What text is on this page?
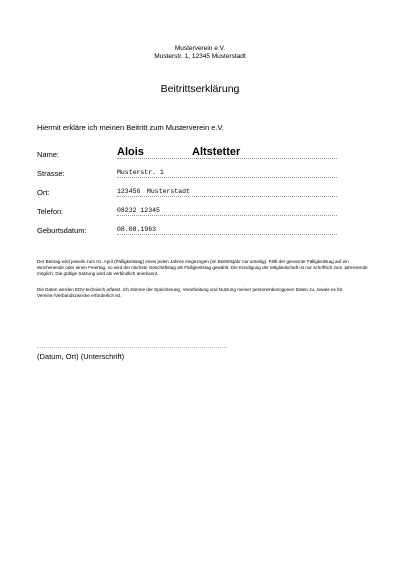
Musterverein e.V.
Musterstr. 1, 12345 Musterstadt
Beitrittserklärung
Hiermit erkläre ich meinen Beitritt zum Musterverein e.V.
Name:	Alois	Altstetter
Strasse:	Musterstr. 1
Ort:	123456 Musterstadt
Telefon:	08232 12345
Geburtsdatum:	08.08.1963
Der Beitrag wird jeweils zum 01. April (Fälligkeitstag) eines jeden Jahres eingezogen (im Beitrittsjahr nur anteilig). Fällt der genannte Fälligkeitstag auf ein Wochenende oder einen Feiertag, so wird der nächste Geschäftstag als Fälligkeitstag gewählt. Die Kündigung der Mitgliedschaft ist nur schriftlich zum Jahresende möglich. Die gültige Satzung wird als verbindlich anerkannt.
Die Daten werden EDV-technisch erfasst. Ich stimme der Speicherung, Verarbeitung und Nutzung meiner personenbezogenen Daten zu, soweit es für Vereins-/Verbandszwecke erforderlich ist.
(Datum, Ort) (Unterschrift)
